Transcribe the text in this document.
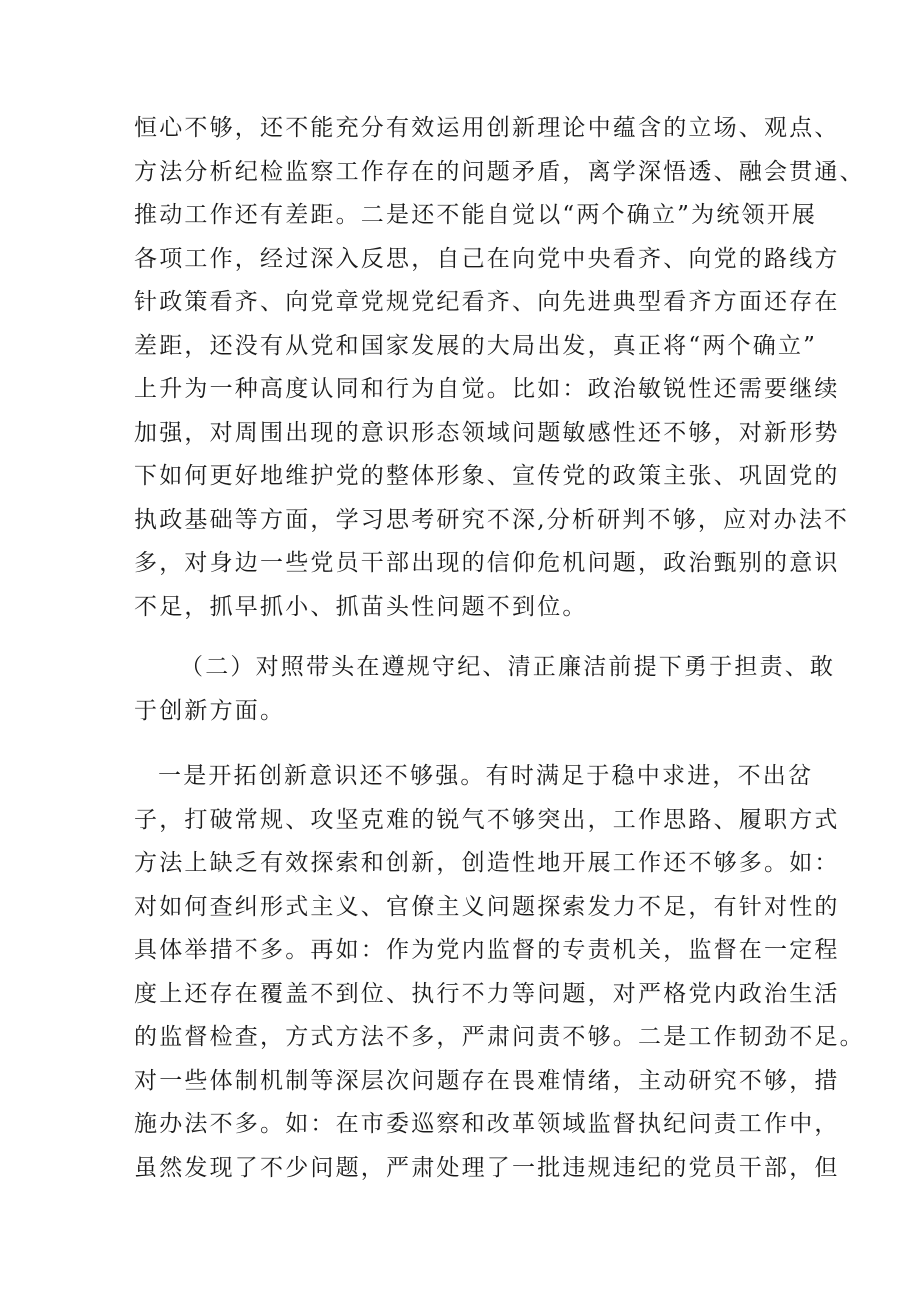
恒心不够，还不能充分有效运用创新理论中蕴含的立场、观点、
方法分析纪检监察工作存在的问题矛盾，离学深悟透、融会贯通、
推动工作还有差距。二是还不能自觉以“两个确立”为统领开展
各项工作，经过深入反思，自己在向党中央看齐、向党的路线方
针政策看齐、向党章党规党纪看齐、向先进典型看齐方面还存在
差距，还没有从党和国家发展的大局出发，真正将“两个确立”
上升为一种高度认同和行为自觉。比如：政治敏锐性还需要继续
加强，对周围出现的意识形态领域问题敏感性还不够，对新形势
下如何更好地维护党的整体形象、宣传党的政策主张、巩固党的
执政基础等方面，学习思考研究不深,分析研判不够，应对办法不
多，对身边一些党员干部出现的信仰危机问题，政治甄别的意识
不足，抓早抓小、抓苗头性问题不到位。
（二）对照带头在遵规守纪、清正廉洁前提下勇于担责、敢
于创新方面。
一是开拓创新意识还不够强。有时满足于稳中求进，不出岔
子，打破常规、攻坚克难的锐气不够突出，工作思路、履职方式
方法上缺乏有效探索和创新，创造性地开展工作还不够多。如：
对如何查纠形式主义、官僚主义问题探索发力不足，有针对性的
具体举措不多。再如：作为党内监督的专责机关，监督在一定程
度上还存在覆盖不到位、执行不力等问题，对严格党内政治生活
的监督检查，方式方法不多，严肃问责不够。二是工作韧劲不足。
对一些体制机制等深层次问题存在畏难情绪，主动研究不够，措
施办法不多。如：在市委巡察和改革领域监督执纪问责工作中，
虽然发现了不少问题，严肃处理了一批违规违纪的党员干部，但
